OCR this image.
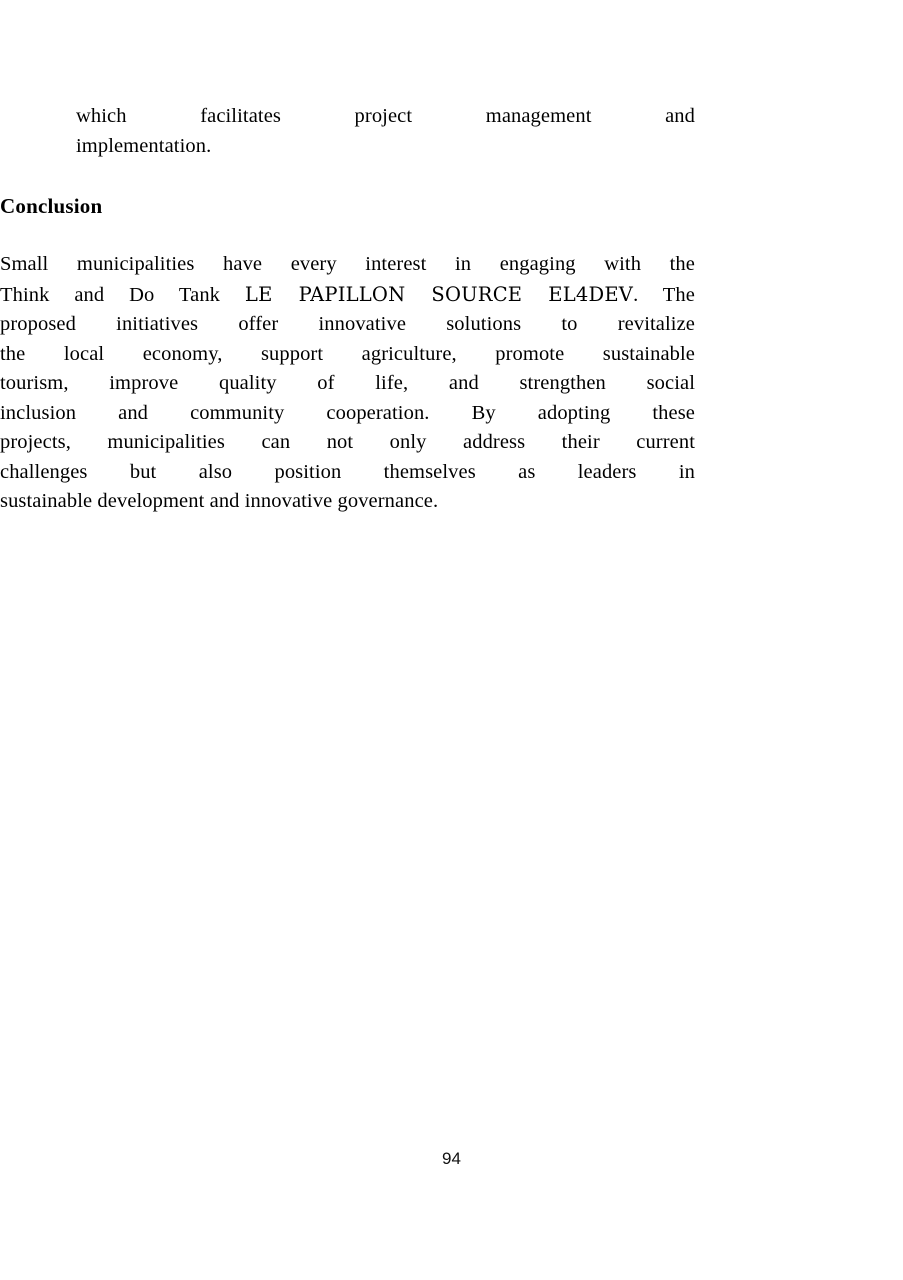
which facilitates project management and
implementation.
Conclusion
Small municipalities have every interest in engaging with the
Think and Do Tank LE PAPILLON SOURCE EL4DEV. The
proposed initiatives offer innovative solutions to revitalize
the local economy, support agriculture, promote sustainable
tourism, improve quality of life, and strengthen social
inclusion and community cooperation. By adopting these
projects, municipalities can not only address their current
challenges but also position themselves as leaders in
sustainable development and innovative governance.
94
